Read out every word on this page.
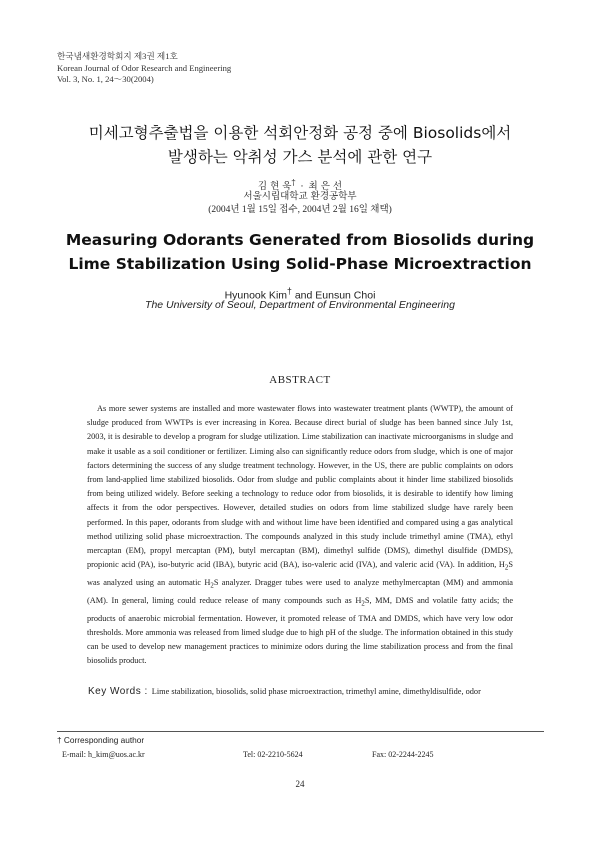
한국냄새환경학회지 제3권 제1호
Korean Journal of Odor Research and Engineering
Vol. 3, No. 1, 24～30(2004)
미세고형추출법을 이용한 석회안정화 공정 중에 Biosolids에서
발생하는 악취성 가스 분석에 관한 연구
김 현 욱† · 최 은 선
서울시립대학교 환경공학부
(2004년 1월 15일 접수, 2004년 2월 16일 채택)
Measuring Odorants Generated from Biosolids during
Lime Stabilization Using Solid-Phase Microextraction
Hyunook Kim† and Eunsun Choi
The University of Seoul, Department of Environmental Engineering
ABSTRACT

As more sewer systems are installed and more wastewater flows into wastewater treatment plants (WWTP), the amount of sludge produced from WWTPs is ever increasing in Korea. Because direct burial of sludge has been banned since July 1st, 2003, it is desirable to develop a program for sludge utilization. Lime stabilization can inactivate microorganisms in sludge and make it usable as a soil conditioner or fertilizer. Liming also can significantly reduce odors from sludge, which is one of major factors determining the success of any sludge treatment technology. However, in the US, there are public complaints on odors from land-applied lime stabilized biosolids. Odor from sludge and public complaints about it hinder lime stabilized biosolids from being utilized widely. Before seeking a technology to reduce odor from biosolids, it is desirable to identify how liming affects it from the odor perspectives. However, detailed studies on odors from lime stabilized sludge have rarely been performed. In this paper, odorants from sludge with and without lime have been identified and compared using a gas analytical method utilizing solid phase microextraction. The compounds analyzed in this study include trimethyl amine (TMA), ethyl mercaptan (EM), propyl mercaptan (PM), butyl mercaptan (BM), dimethyl sulfide (DMS), dimethyl disulfide (DMDS), propionic acid (PA), iso-butyric acid (IBA), butyric acid (BA), iso-valeric acid (IVA), and valeric acid (VA). In addition, $H_2S$ was analyzed using an automatic $H_2S$ analyzer. Dragger tubes were used to analyze methylmercaptan (MM) and ammonia (AM). In general, liming could reduce release of many compounds such as $H_2S$, MM, DMS and volatile fatty acids; the products of anaerobic microbial fermentation. However, it promoted release of TMA and DMDS, which have very low odor thresholds. More ammonia was released from limed sludge due to high pH of the sludge. The information obtained in this study can be used to develop new management practices to minimize odors during the lime stabilization process and from the final biosolids product.

Key Words : Lime stabilization, biosolids, solid phase microextraction, trimethyl amine, dimethyldisulfide, odor
† Corresponding author
E-mail: h_kim@uos.ac.kr	Tel: 02-2210-5624	Fax: 02-2244-2245
24
